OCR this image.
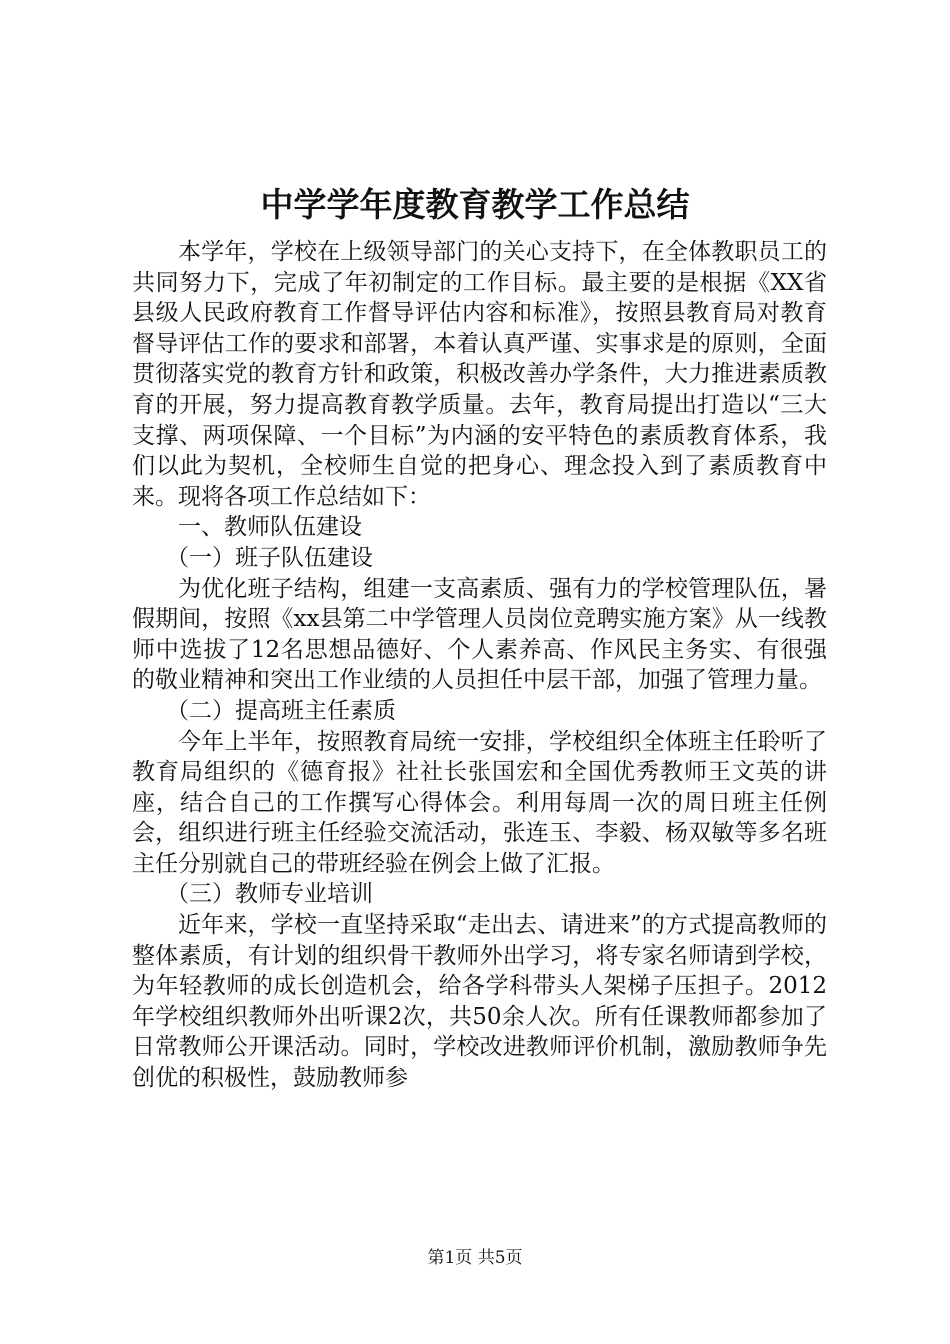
中学学年度教育教学工作总结

本学年，学校在上级领导部门的关心支持下，在全体教职员工的共同努力下，完成了年初制定的工作目标。最主要的是根据《XX省县级人民政府教育工作督导评估内容和标准》，按照县教育局对教育督导评估工作的要求和部署，本着认真严谨、实事求是的原则，全面贯彻落实党的教育方针和政策，积极改善办学条件，大力推进素质教育的开展，努力提高教育教学质量。去年，教育局提出打造以“三大支撑、两项保障、一个目标”为内涵的安平特色的素质教育体系，我们以此为契机，全校师生自觉的把身心、理念投入到了素质教育中来。现将各项工作总结如下：

一、教师队伍建设

（一）班子队伍建设

为优化班子结构，组建一支高素质、强有力的学校管理队伍，暑假期间，按照《xx县第二中学管理人员岗位竞聘实施方案》从一线教师中选拔了12名思想品德好、个人素养高、作风民主务实、有很强的敬业精神和突出工作业绩的人员担任中层干部，加强了管理力量。

（二）提高班主任素质

今年上半年，按照教育局统一安排，学校组织全体班主任聆听了教育局组织的《德育报》社社长张国宏和全国优秀教师王文英的讲座，结合自己的工作撰写心得体会。利用每周一次的周日班主任例会，组织进行班主任经验交流活动，张连玉、李毅、杨双敏等多名班主任分别就自己的带班经验在例会上做了汇报。

（三）教师专业培训

近年来，学校一直坚持采取“走出去、请进来”的方式提高教师的整体素质，有计划的组织骨干教师外出学习，将专家名师请到学校，为年轻教师的成长创造机会，给各学科带头人架梯子压担子。2012年学校组织教师外出听课2次，共50余人次。所有任课教师都参加了日常教师公开课活动。同时，学校改进教师评价机制，激励教师争先创优的积极性，鼓励教师参

第1页 共5页
